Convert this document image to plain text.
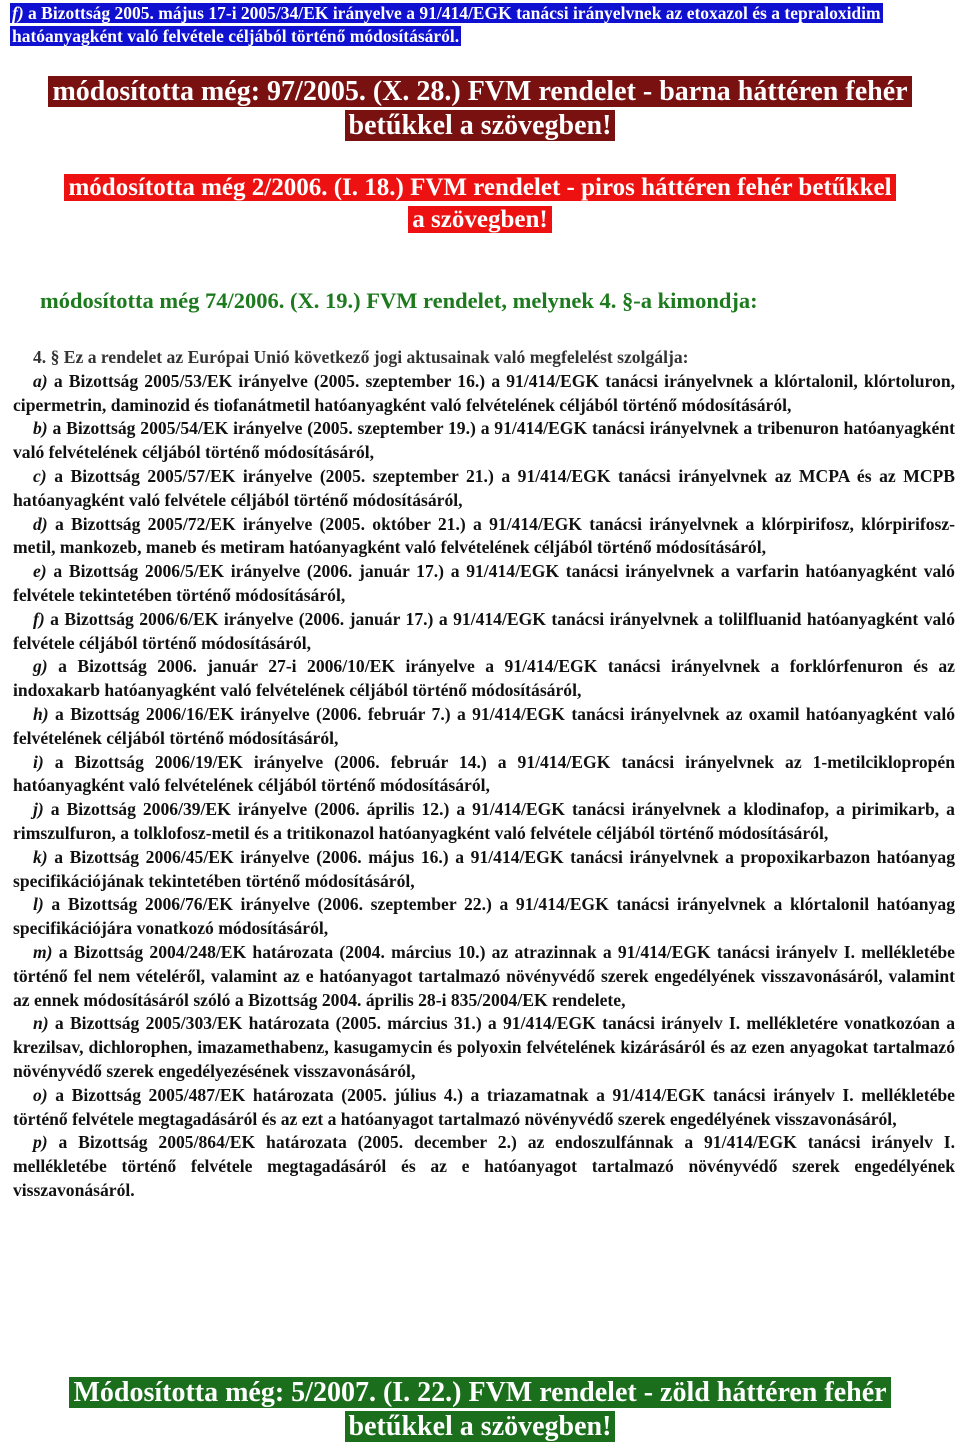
f) a Bizottság 2005. május 17-i 2005/34/EK irányelve a 91/414/EGK tanácsi irányelvnek az etoxazol és a tepraloxidim hatóanyagként való felvétele céljából történő módosításáról.
módosította még: 97/2005. (X. 28.) FVM rendelet - barna háttéren fehér
betűkkel a szövegben!
módosította még 2/2006. (I. 18.) FVM rendelet - piros háttéren fehér betűkkel
a szövegben!
módosította még 74/2006. (X. 19.) FVM rendelet, melynek 4. §-a kimondja:

4. § Ez a rendelet az Európai Unió következő jogi aktusainak való megfelelést szolgálja:

a) a Bizottság 2005/53/EK irányelve (2005. szeptember 16.) a 91/414/EGK tanácsi irányelvnek a klórtalonil, klórtoluron, cipermetrin, daminozid és tiofanátmetil hatóanyagként való felvételének céljából történő módosításáról,

b) a Bizottság 2005/54/EK irányelve (2005. szeptember 19.) a 91/414/EGK tanácsi irányelvnek a tribenuron hatóanyagként való felvételének céljából történő módosításáról,

c) a Bizottság 2005/57/EK irányelve (2005. szeptember 21.) a 91/414/EGK tanácsi irányelvnek az MCPA és az MCPB hatóanyagként való felvétele céljából történő módosításáról,

d) a Bizottság 2005/72/EK irányelve (2005. október 21.) a 91/414/EGK tanácsi irányelvnek a klórpirifosz, klórpirifosz-metil, mankozeb, maneb és metiram hatóanyagként való felvételének céljából történő módosításáról,

e) a Bizottság 2006/5/EK irányelve (2006. január 17.) a 91/414/EGK tanácsi irányelvnek a varfarin hatóanyagként való felvétele tekintetében történő módosításáról,

f) a Bizottság 2006/6/EK irányelve (2006. január 17.) a 91/414/EGK tanácsi irányelvnek a tolilfluanid hatóanyagként való felvétele céljából történő módosításáról,

g) a Bizottság 2006. január 27-i 2006/10/EK irányelve a 91/414/EGK tanácsi irányelvnek a forklórfenuron és az indoxakarb hatóanyagként való felvételének céljából történő módosításáról,

h) a Bizottság 2006/16/EK irányelve (2006. február 7.) a 91/414/EGK tanácsi irányelvnek az oxamil hatóanyagként való felvételének céljából történő módosításáról,

i) a Bizottság 2006/19/EK irányelve (2006. február 14.) a 91/414/EGK tanácsi irányelvnek az 1-metilciklopropén hatóanyagként való felvételének céljából történő módosításáról,

j) a Bizottság 2006/39/EK irányelve (2006. április 12.) a 91/414/EGK tanácsi irányelvnek a klodinafop, a pirimikarb, a rimszulfuron, a tolklofosz-metil és a tritikonazol hatóanyagként való felvétele céljából történő módosításáról,

k) a Bizottság 2006/45/EK irányelve (2006. május 16.) a 91/414/EGK tanácsi irányelvnek a propoxikarbazon hatóanyag specifikációjának tekintetében történő módosításáról,

l) a Bizottság 2006/76/EK irányelve (2006. szeptember 22.) a 91/414/EGK tanácsi irányelvnek a klórtalonil hatóanyag specifikációjára vonatkozó módosításáról,

m) a Bizottság 2004/248/EK határozata (2004. március 10.) az atrazinnak a 91/414/EGK tanácsi irányelv I. mellékletébe történő fel nem vételéről, valamint az e hatóanyagot tartalmazó növényvédő szerek engedélyének visszavonásáról, valamint az ennek módosításáról szóló a Bizottság 2004. április 28-i 835/2004/EK rendelete,

n) a Bizottság 2005/303/EK határozata (2005. március 31.) a 91/414/EGK tanácsi irányelv I. mellékletére vonatkozóan a krezilsav, dichlorophen, imazamethabenz, kasugamycin és polyoxin felvételének kizárásáról és az ezen anyagokat tartalmazó növényvédő szerek engedélyezésének visszavonásáról,

o) a Bizottság 2005/487/EK határozata (2005. július 4.) a triazamatnak a 91/414/EGK tanácsi irányelv I. mellékletébe történő felvétele megtagadásáról és az ezt a hatóanyagot tartalmazó növényvédő szerek engedélyének visszavonásáról,

p) a Bizottság 2005/864/EK határozata (2005. december 2.) az endoszulfánnak a 91/414/EGK tanácsi irányelv I. mellékletébe történő felvétele megtagadásáról és az e hatóanyagot tartalmazó növényvédő szerek engedélyének visszavonásáról.

Módosította még: 5/2007. (I. 22.) FVM rendelet - zöld háttéren fehér
betűkkel a szövegben!
